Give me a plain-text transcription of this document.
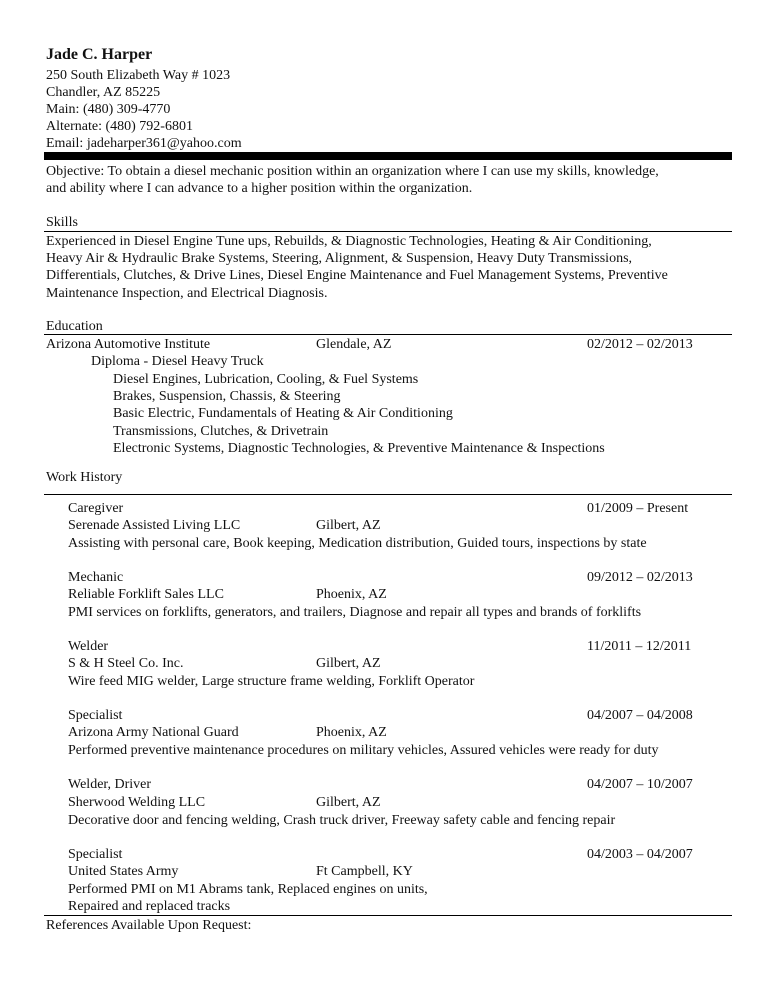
Jade C. Harper
250 South Elizabeth Way # 1023
Chandler, AZ 85225
Main: (480) 309-4770
Alternate: (480) 792-6801
Email: jadeharper361@yahoo.com
Objective: To obtain a diesel mechanic position within an organization where I can use my skills, knowledge,
and ability where I can advance to a higher position within the organization.
Skills
Experienced in Diesel Engine Tune ups, Rebuilds, & Diagnostic Technologies, Heating & Air Conditioning,
Heavy Air & Hydraulic Brake Systems, Steering, Alignment, & Suspension, Heavy Duty Transmissions,
Differentials, Clutches, & Drive Lines, Diesel Engine Maintenance and Fuel Management Systems, Preventive
Maintenance Inspection, and Electrical Diagnosis.
Education
Arizona Automotive Institute	Glendale, AZ	02/2012 – 02/2013
Diploma - Diesel Heavy Truck
Diesel Engines, Lubrication, Cooling, & Fuel Systems
Brakes, Suspension, Chassis, & Steering
Basic Electric, Fundamentals of Heating & Air Conditioning
Transmissions, Clutches, & Drivetrain
Electronic Systems, Diagnostic Technologies, & Preventive Maintenance & Inspections
Work History
Caregiver	01/2009 – Present
Serenade Assisted Living LLC	Gilbert, AZ
Assisting with personal care, Book keeping, Medication distribution, Guided tours, inspections by state
Mechanic	09/2012 – 02/2013
Reliable Forklift Sales LLC	Phoenix, AZ
PMI services on forklifts, generators, and trailers, Diagnose and repair all types and brands of forklifts
Welder	11/2011 – 12/2011
S & H Steel Co. Inc.	Gilbert, AZ
Wire feed MIG welder, Large structure frame welding, Forklift Operator
Specialist	04/2007 – 04/2008
Arizona Army National Guard	Phoenix, AZ
Performed preventive maintenance procedures on military vehicles, Assured vehicles were ready for duty
Welder, Driver	04/2007 – 10/2007
Sherwood Welding LLC	Gilbert, AZ
Decorative door and fencing welding, Crash truck driver, Freeway safety cable and fencing repair
Specialist	04/2003 – 04/2007
United States Army	Ft Campbell, KY
Performed PMI on M1 Abrams tank, Replaced engines on units,
Repaired and replaced tracks
References Available Upon Request:
